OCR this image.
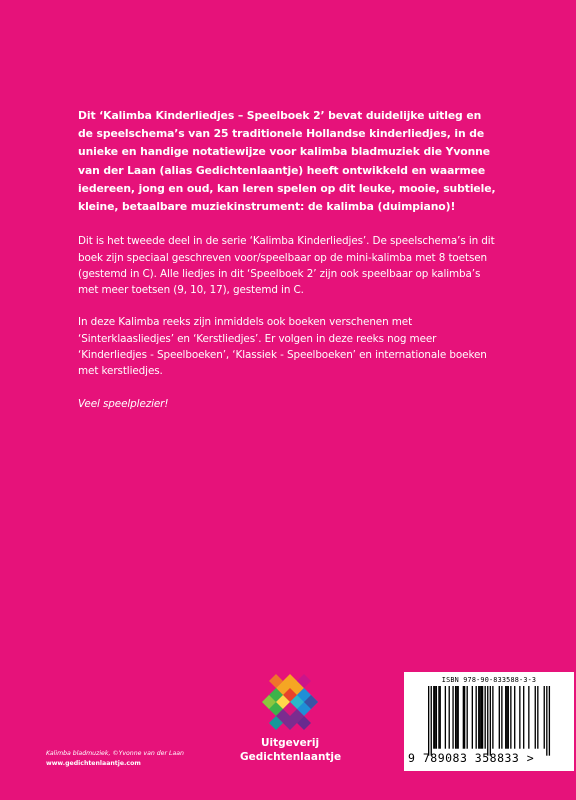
Dit ‘Kalimba Kinderliedjes – Speelboek 2’ bevat duidelijke uitleg en de speelschema’s van 25 traditionele Hollandse kinderliedjes, in de unieke en handige notatiewijze voor kalimba bladmuziek die Yvonne van der Laan (alias Gedichtenlaantje) heeft ontwikkeld en waarmee iedereen, jong en oud, kan leren spelen op dit leuke, mooie, subtiele, kleine, betaalbare muziekinstrument: de kalimba (duimpiano)!

Dit is het tweede deel in de serie ‘Kalimba Kinderliedjes’. De speelschema’s in dit boek zijn speciaal geschreven voor/speelbaar op de mini-kalimba met 8 toetsen (gestemd in C). Alle liedjes in dit ‘Speelboek 2’ zijn ook speelbaar op kalimba’s met meer toetsen (9, 10, 17), gestemd in C.

In deze Kalimba reeks zijn inmiddels ook boeken verschenen met ‘Sinterklaasliedjes’ en ‘Kerstliedjes’. Er volgen in deze reeks nog meer ‘Kinderliedjes - Speelboeken’, ‘Klassiek - Speelboeken’ en internationale boeken met kerstliedjes.

Veel speelplezier!

Uitgeverij
Gedichtenlaantje
Kalimba bladmuziek, ©Yvonne van der Laan
www.gedichtenlaantje.com
ISBN 978-90-833588-3-3
9 789083 358833 >
